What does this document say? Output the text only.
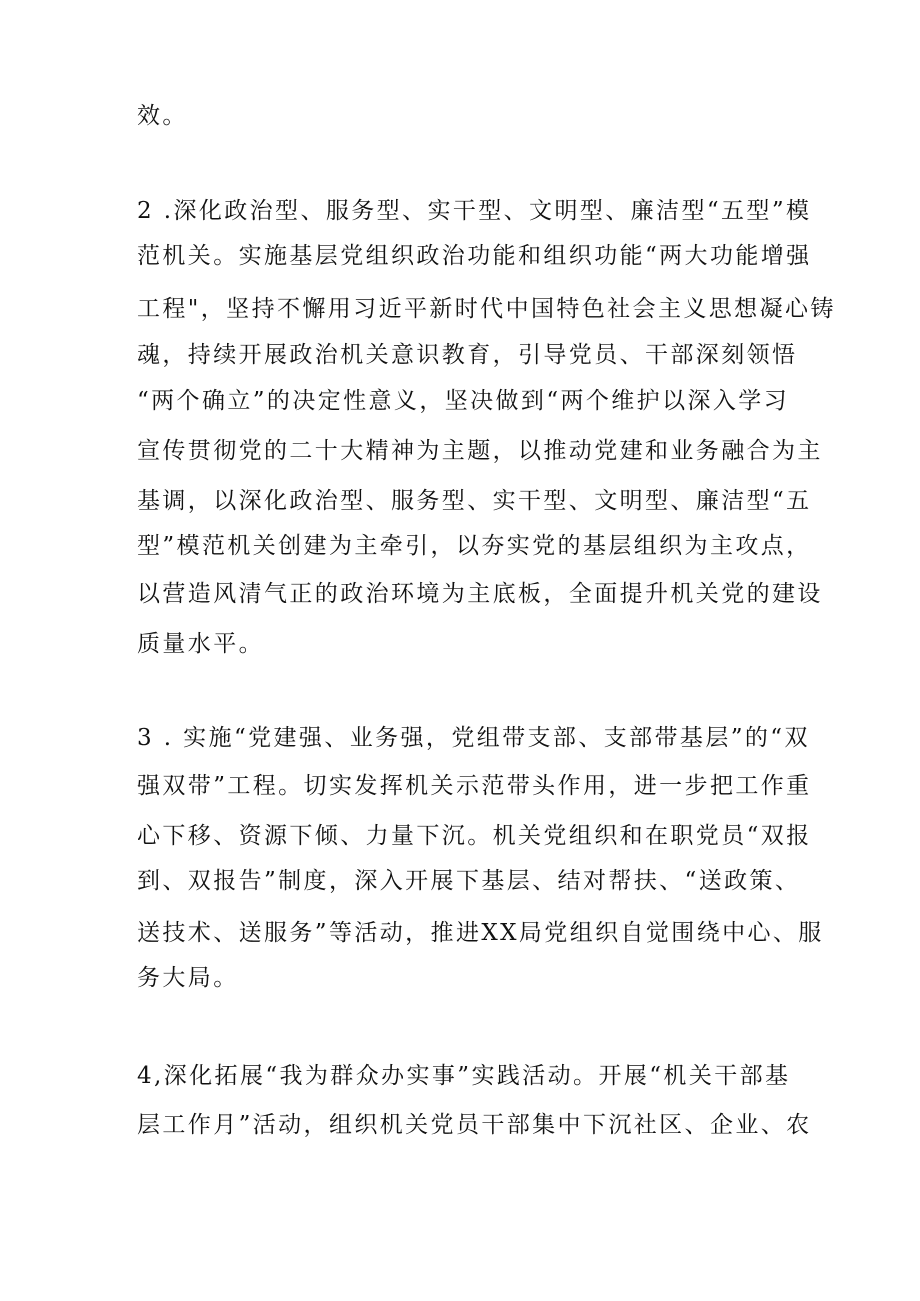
效。

2 .深化政治型、服务型、实干型、文明型、廉洁型“五型”模

范机关。实施基层党组织政治功能和组织功能“两大功能增强

工程"，坚持不懈用习近平新时代中国特色社会主义思想凝心铸

魂，持续开展政治机关意识教育，引导党员、干部深刻领悟

“两个确立”的决定性意义，坚决做到“两个维护以深入学习

宣传贯彻党的二十大精神为主题，以推动党建和业务融合为主

基调，以深化政治型、服务型、实干型、文明型、廉洁型“五

型”模范机关创建为主牵引，以夯实党的基层组织为主攻点，

以营造风清气正的政治环境为主底板，全面提升机关党的建设

质量水平。

3 . 实施“党建强、业务强，党组带支部、支部带基层”的“双

强双带”工程。切实发挥机关示范带头作用，进一步把工作重

心下移、资源下倾、力量下沉。机关党组织和在职党员“双报

到、双报告”制度，深入开展下基层、结对帮扶、“送政策、

送技术、送服务”等活动，推进XX局党组织自觉围绕中心、服

务大局。

4,深化拓展“我为群众办实事”实践活动。开展“机关干部基

层工作月”活动，组织机关党员干部集中下沉社区、企业、农
